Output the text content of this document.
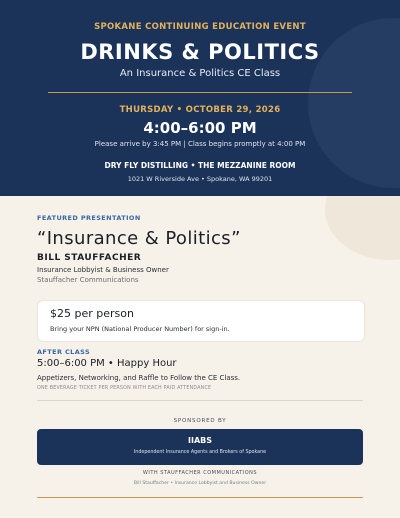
SPOKANE CONTINUING EDUCATION EVENT
DRINKS & POLITICS
An Insurance & Politics CE Class
THURSDAY • OCTOBER 29, 2026
4:00–6:00 PM
Please arrive by 3:45 PM | Class begins promptly at 4:00 PM
DRY FLY DISTILLING • THE MEZZANINE ROOM
1021 W Riverside Ave • Spokane, WA 99201
FEATURED PRESENTATION
“Insurance & Politics”
BILL STAUFFACHER
Insurance Lobbyist & Business Owner
Stauffacher Communications
$25 per person
Bring your NPN (National Producer Number) for sign-in.
AFTER CLASS
5:00–6:00 PM • Happy Hour
Appetizers, Networking, and Raffle to Follow the CE Class.
ONE BEVERAGE TICKET PER PERSON WITH EACH PAID ATTENDANCE
SPONSORED BY
IIABS
Independent Insurance Agents and Brokers of Spokane
WITH STAUFFACHER COMMUNICATIONS
Bill Stauffacher • Insurance Lobbyist and Business Owner
